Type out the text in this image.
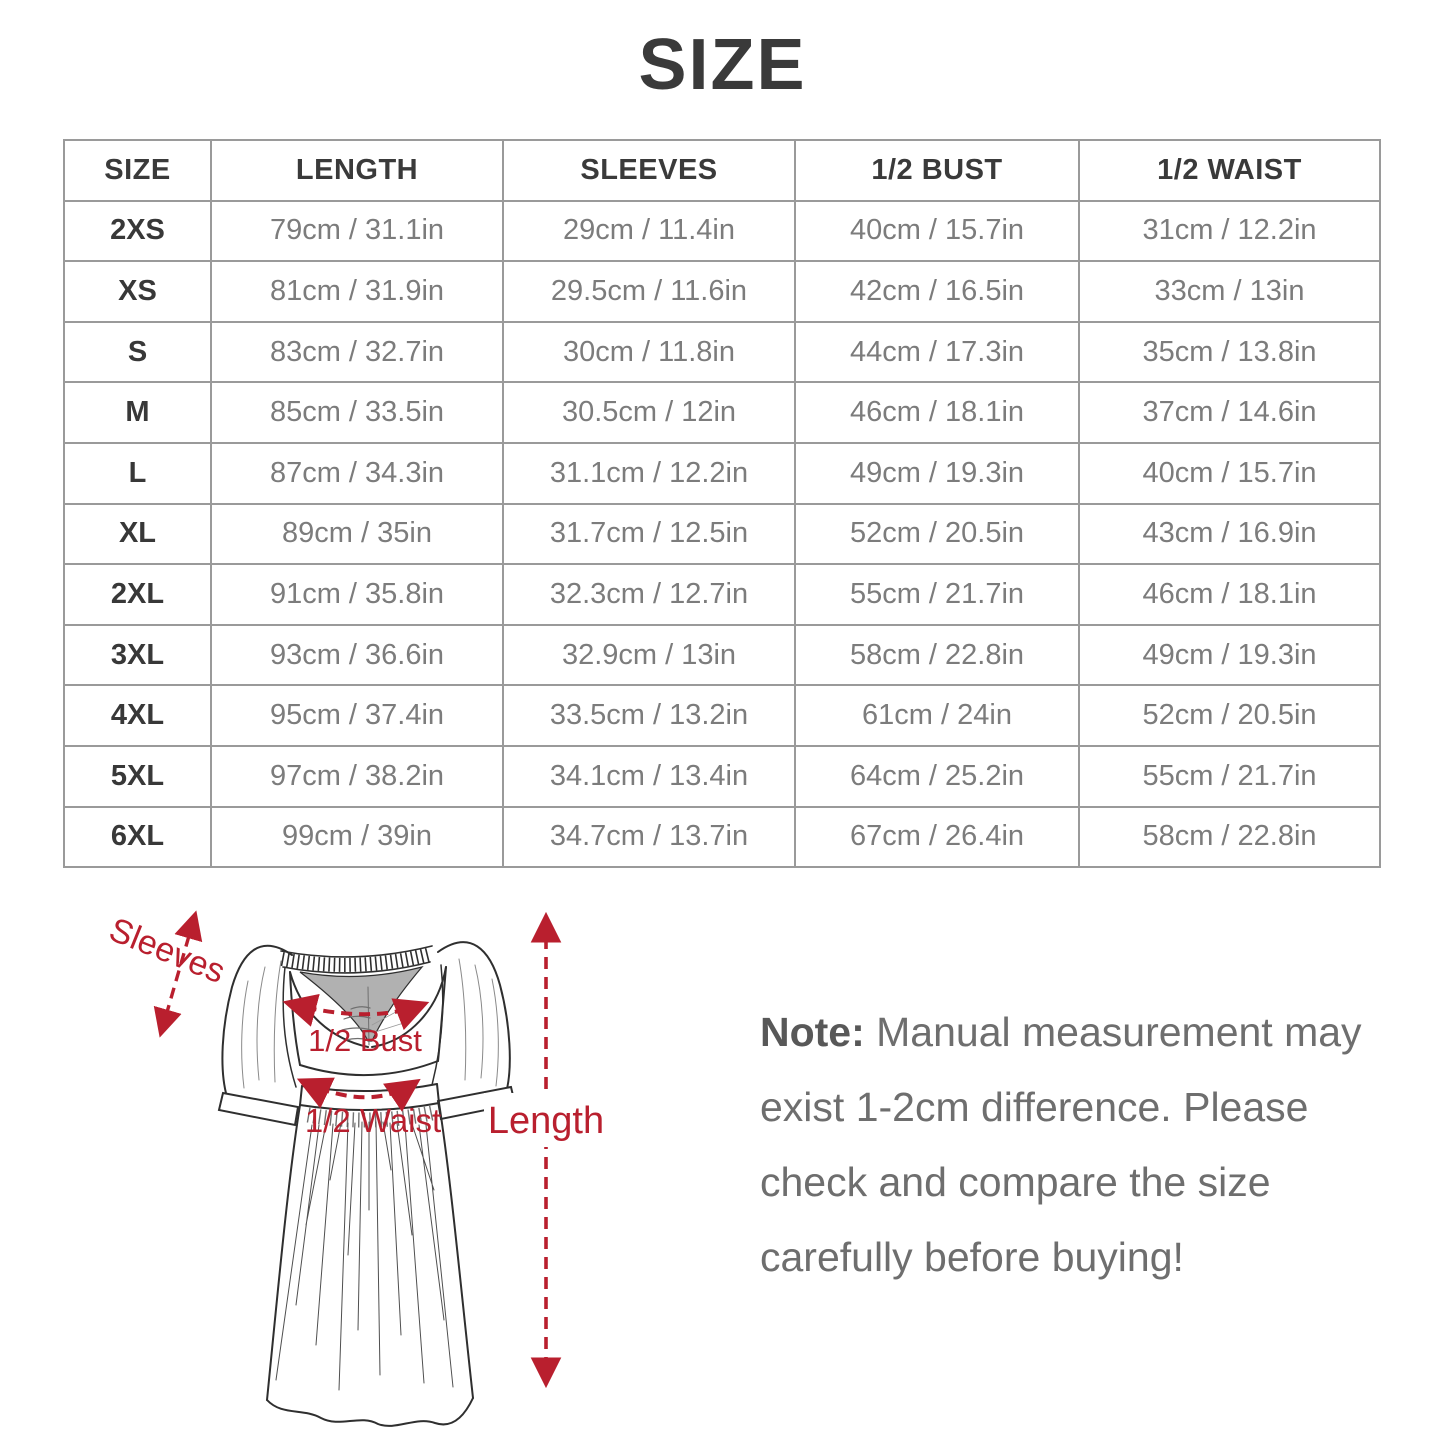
SIZE
SIZE	LENGTH	SLEEVES	1/2 BUST	1/2 WAIST
2XS	79cm / 31.1in	29cm / 11.4in	40cm / 15.7in	31cm / 12.2in
XS	81cm / 31.9in	29.5cm / 11.6in	42cm / 16.5in	33cm / 13in
S	83cm / 32.7in	30cm / 11.8in	44cm / 17.3in	35cm / 13.8in
M	85cm / 33.5in	30.5cm / 12in	46cm / 18.1in	37cm / 14.6in
L	87cm / 34.3in	31.1cm / 12.2in	49cm / 19.3in	40cm / 15.7in
XL	89cm / 35in	31.7cm / 12.5in	52cm / 20.5in	43cm / 16.9in
2XL	91cm / 35.8in	32.3cm / 12.7in	55cm / 21.7in	46cm / 18.1in
3XL	93cm / 36.6in	32.9cm / 13in	58cm / 22.8in	49cm / 19.3in
4XL	95cm / 37.4in	33.5cm / 13.2in	61cm / 24in	52cm / 20.5in
5XL	97cm / 38.2in	34.1cm / 13.4in	64cm / 25.2in	55cm / 21.7in
6XL	99cm / 39in	34.7cm / 13.7in	67cm / 26.4in	58cm / 22.8in
Sleeves
1/2 Bust
1/2 Waist Length
Note: Manual measurement may
exist 1-2cm difference. Please
check and compare the size
carefully before buying!
